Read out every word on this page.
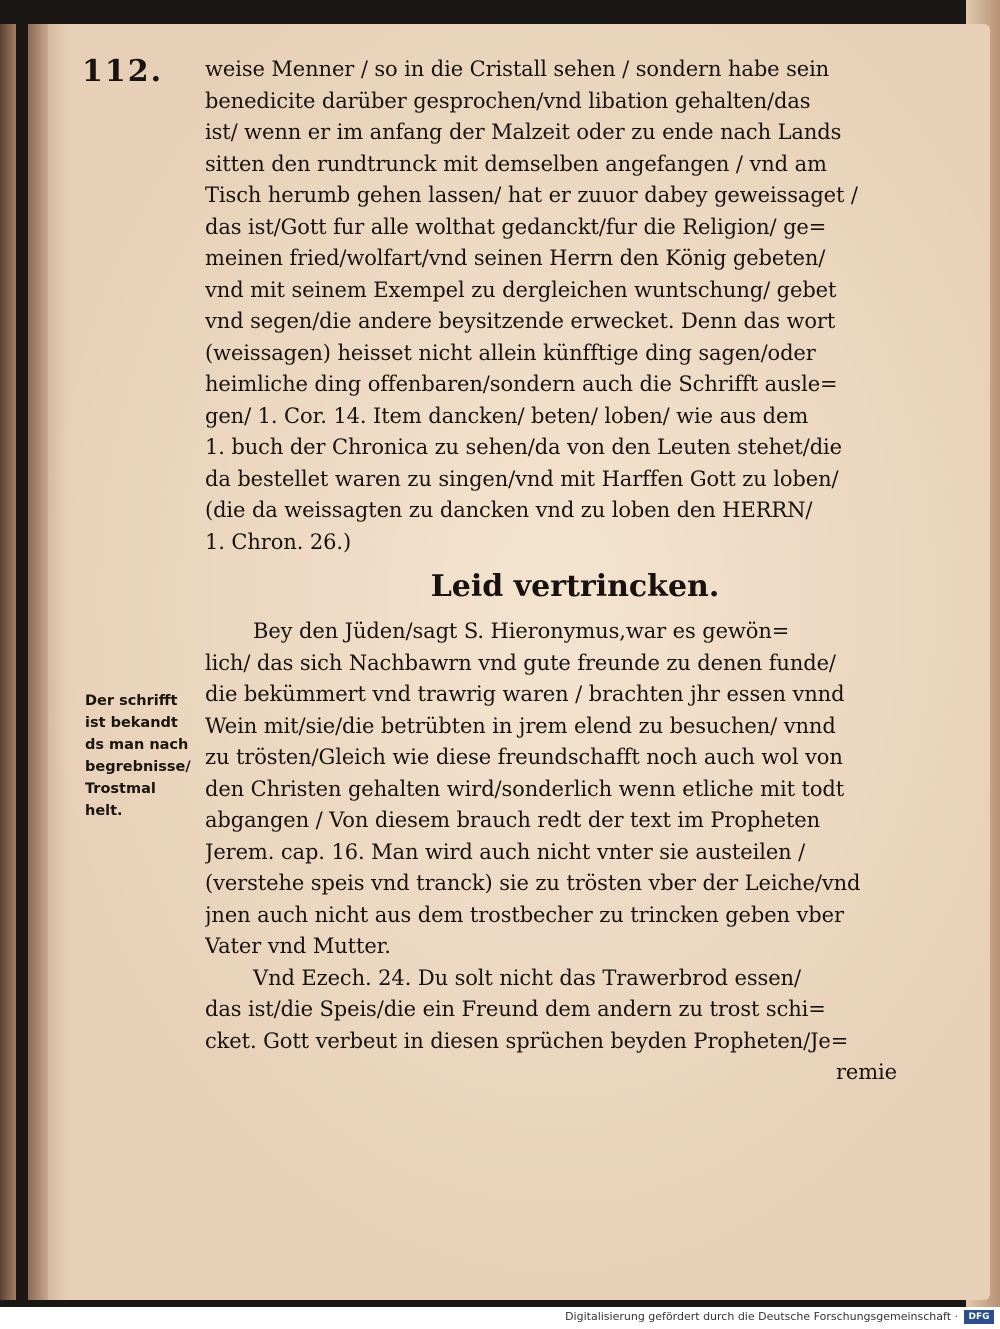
112. weise Menner / so in die Cristall sehen / sondern habe sein
benedicite darüber gesprochen/vnd libation gehalten/das
ist/ wenn er im anfang der Malzeit oder zu ende nach Lands
sitten den rundtrunck mit demselben angefangen / vnd am
Tisch herumb gehen lassen/ hat er zuuor dabey geweissaget /
das ist/Gott fur alle wolthat gedanckt/fur die Religion/ ge=
meinen fried/wolfart/vnd seinen Herrn den König gebeten/
vnd mit seinem Exempel zu dergleichen wuntschung/ gebet
vnd segen/die andere beysitzende erwecket. Denn das wort
(weissagen) heisset nicht allein künfftige ding sagen/oder
heimliche ding offenbaren/sondern auch die Schrifft ausle=
gen/ 1. Cor. 14. Item dancken/ beten/ loben/ wie aus dem
1. buch der Chronica zu sehen/da von den Leuten stehet/die
da bestellet waren zu singen/vnd mit Harffen Gott zu loben/
(die da weissagten zu dancken vnd zu loben den HERRN/
1. Chron. 26.)
Leid vertrincken.
Bey den Jüden/sagt S. Hieronymus,war es gewön=
lich/ das sich Nachbawrn vnd gute freunde zu denen funde/
die bekümmert vnd trawrig waren / brachten jhr essen vnnd
Wein mit/sie/die betrübten in jrem elend zu besuchen/ vnnd
zu trösten/Gleich wie diese freundschafft noch auch wol von
den Christen gehalten wird/sonderlich wenn etliche mit todt
abgangen / Von diesem brauch redt der text im Propheten
Jerem. cap. 16. Man wird auch nicht vnter sie austeilen /
(verstehe speis vnd tranck) sie zu trösten vber der Leiche/vnd
jnen auch nicht aus dem trostbecher zu trincken geben vber
Vater vnd Mutter.
Vnd Ezech. 24. Du solt nicht das Trawerbrod essen/
das ist/die Speis/die ein Freund dem andern zu trost schi=
cket. Gott verbeut in diesen sprüchen beyden Propheten/Je=
remie
Der schrifft
ist bekandt
ds man nach
begrebnisse/
Trostmal
helt.
Digitalisierung gefördert durch die Deutsche Forschungsgemeinschaft ·	DFG
